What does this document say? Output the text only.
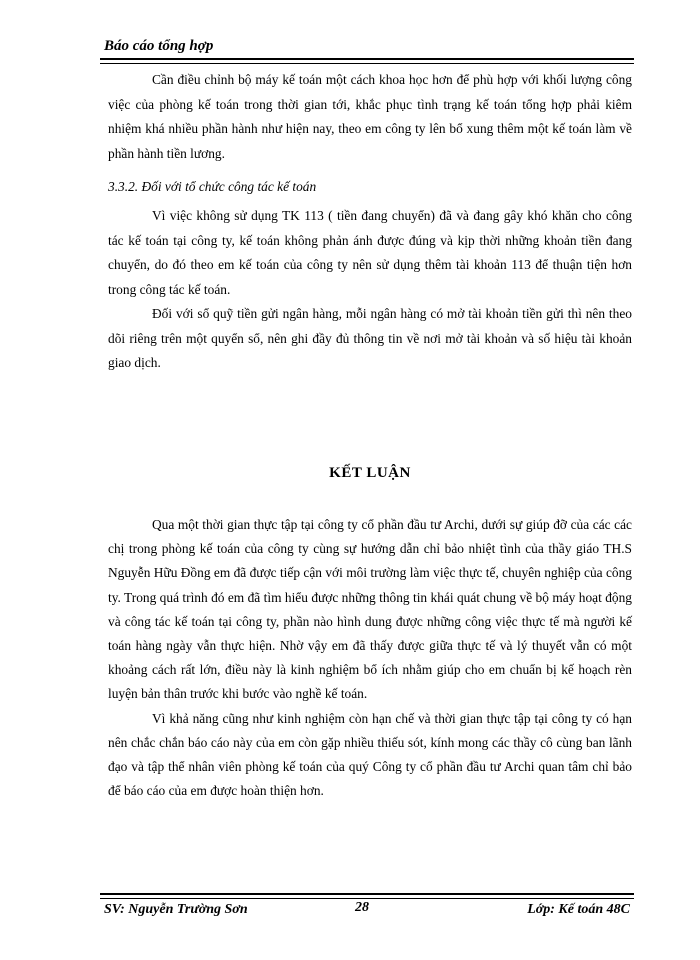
Báo cáo tổng hợp

Cần điều chỉnh bộ máy kế toán một cách khoa học hơn để phù hợp với khối lượng công việc của phòng kế toán trong thời gian tới, khắc phục tình trạng kế toán tổng hợp phải kiêm nhiệm khá nhiều phần hành như hiện nay, theo em công ty lên bổ xung thêm một kế toán làm về phần hành tiền lương.

3.3.2. Đối với tổ chức công tác kế toán

Vì việc không sử dụng TK 113 ( tiền đang chuyển) đã và đang gây khó khăn cho công tác kế toán tại công ty, kế toán không phản ánh được đúng và kịp thời những khoản tiền đang chuyển, do đó theo em kế toán của công ty nên sử dụng thêm tài khoản 113 để thuận tiện hơn trong công tác kế toán.

Đối với sổ quỹ tiền gửi ngân hàng, mỗi ngân hàng có mở tài khoản tiền gửi thì nên theo dõi riêng trên một quyển sổ, nên ghi đầy đủ thông tin về nơi mở tài khoản và số hiệu tài khoản giao dịch.

KẾT LUẬN

Qua một thời gian thực tập tại công ty cổ phần đầu tư Archi, dưới sự giúp đỡ của các các chị trong phòng kế toán của công ty cùng sự hướng dẫn chỉ bảo nhiệt tình của thầy giáo TH.S Nguyễn Hữu Đồng em đã được tiếp cận với môi trường làm việc thực tế, chuyên nghiệp của công ty. Trong quá trình đó em đã tìm hiểu được những thông tin khái quát chung về bộ máy hoạt động và công tác kế toán tại công ty, phần nào hình dung được những công việc thực tế mà người kế toán hàng ngày vẫn thực hiện. Nhờ vậy em đã thấy được giữa thực tế và lý thuyết vẫn có một khoảng cách rất lớn, điều này là kinh nghiệm bổ ích nhằm giúp cho em chuẩn bị kế hoạch rèn luyện bản thân trước khi bước vào nghề kế toán.

Vì khả năng cũng như kinh nghiệm còn hạn chế và thời gian thực tập tại công ty có hạn nên chắc chắn báo cáo này của em còn gặp nhiều thiếu sót, kính mong các thầy cô cùng ban lãnh đạo và tập thể nhân viên phòng kế toán của quý Công ty cổ phần đầu tư Archi quan tâm chỉ bảo để báo cáo của em được hoàn thiện hơn.

SV: Nguyễn Trường Sơn	28	Lớp: Kế toán 48C
